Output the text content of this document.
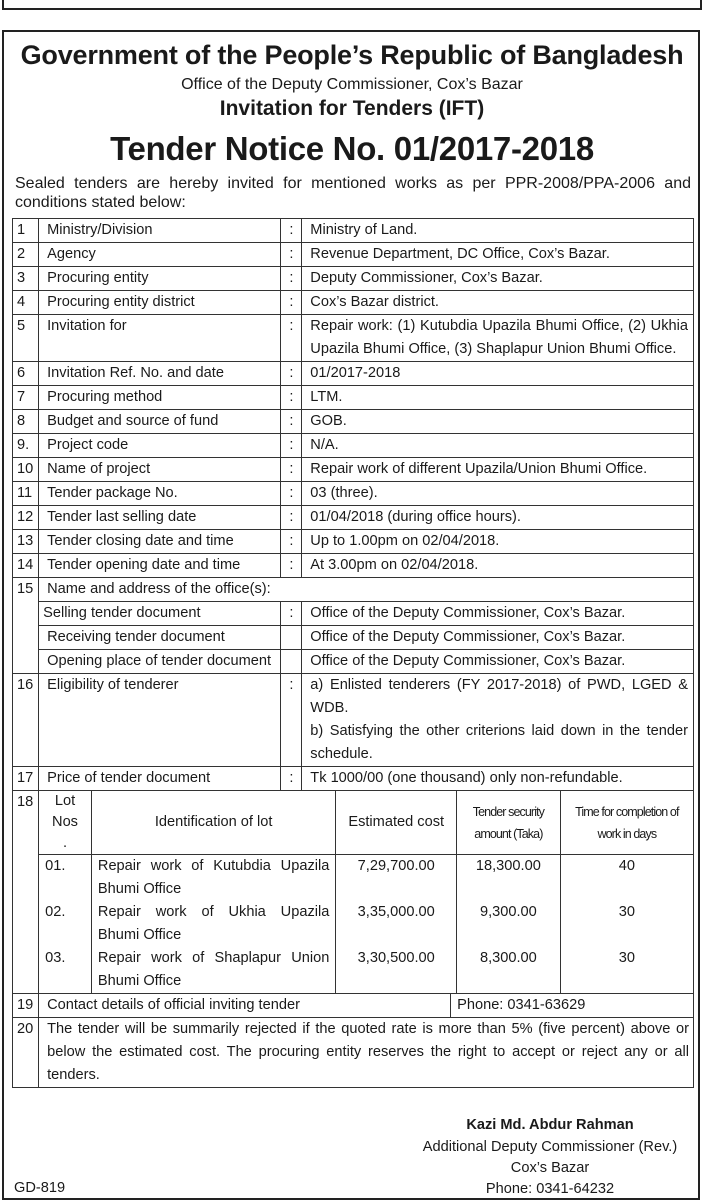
Government of the People’s Republic of Bangladesh
Office of the Deputy Commissioner, Cox’s Bazar
Invitation for Tenders (IFT)
Tender Notice No. 01/2017-2018
Sealed tenders are hereby invited for mentioned works as per PPR-2008/PPA-2006 and conditions stated below:
1	Ministry/Division	:	Ministry of Land.
2	Agency	:	Revenue Department, DC Office, Cox’s Bazar.
3	Procuring entity	:	Deputy Commissioner, Cox’s Bazar.
4	Procuring entity district	:	Cox’s Bazar district.
5	Invitation for	:	Repair work: (1) Kutubdia Upazila Bhumi Office, (2) Ukhia Upazila Bhumi Office, (3) Shaplapur Union Bhumi Office.
6	Invitation Ref. No. and date	:	01/2017-2018
7	Procuring method	:	LTM.
8	Budget and source of fund	:	GOB.
9.	Project code	:	N/A.
10	Name of project	:	Repair work of different Upazila/Union Bhumi Office.
11	Tender package No.	:	03 (three).
12	Tender last selling date	:	01/04/2018 (during office hours).
13	Tender closing date and time	:	Up to 1.00pm on 02/04/2018.
14	Tender opening date and time	:	At 3.00pm on 02/04/2018.
15	Name and address of the office(s):
Selling tender document	:	Office of the Deputy Commissioner, Cox’s Bazar.
Receiving tender document		Office of the Deputy Commissioner, Cox’s Bazar.
Opening place of tender document		Office of the Deputy Commissioner, Cox’s Bazar.
16	Eligibility of tenderer	:	a) Enlisted tenderers (FY 2017-2018) of PWD, LGED & WDB.
b) Satisfying the other criterions laid down in the tender schedule.

17	Price of tender document	:	Tk 1000/00 (one thousand) only non-refundable.
18	Lot Nos .	Identification of lot	Estimated cost	Tender security amount (Taka)	Time for completion of work in days
01.	Repair work of Kutubdia Upazila Bhumi Office	7,29,700.00	18,300.00	40
02.	Repair work of Ukhia Upazila Bhumi Office	3,35,000.00	9,300.00	30
03.	Repair work of Shaplapur Union Bhumi Office	3,30,500.00	8,300.00	30

19	Contact details of official inviting tender	Phone: 0341-63629

20	The tender will be summarily rejected if the quoted rate is more than 5% (five percent) above or below the estimated cost. The procuring entity reserves the right to accept or reject any or all tenders.
Kazi Md. Abdur Rahman
Additional Deputy Commissioner (Rev.)
Cox’s Bazar
Phone: 0341-64232
GD-819
